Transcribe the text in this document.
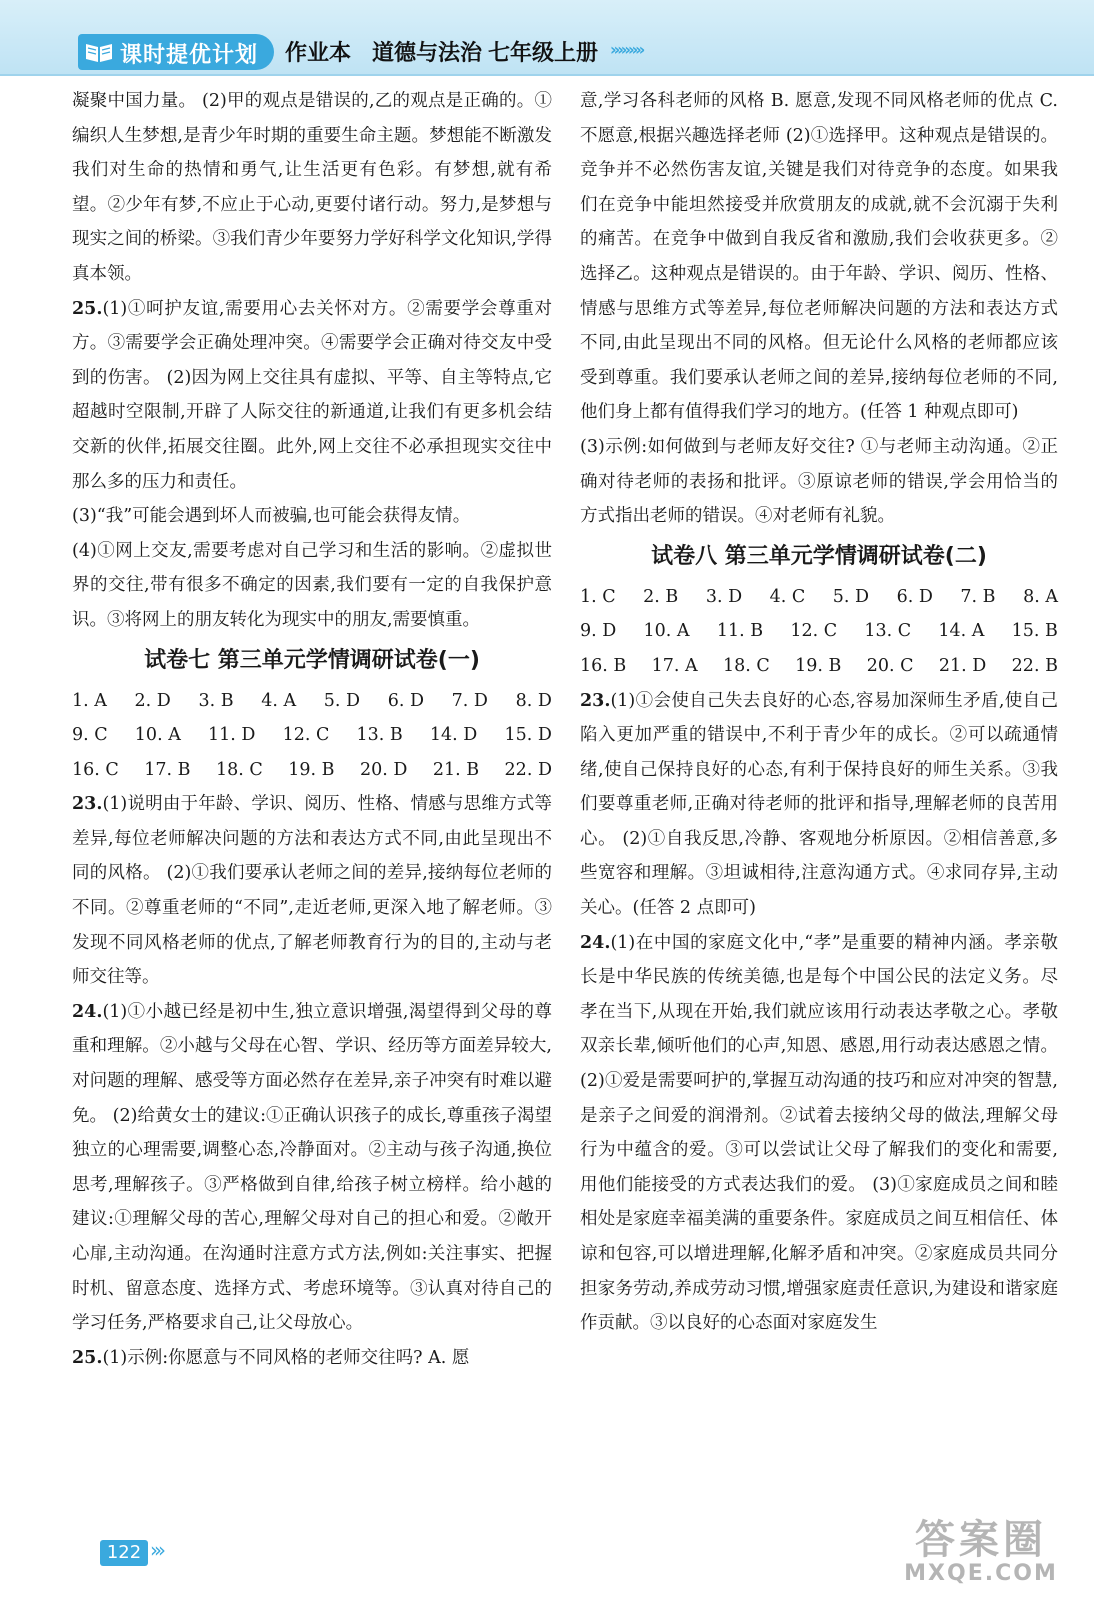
课时提优计划 作业本 道德与法治 七年级上册 ›››››››››

凝聚中国力量。 (2)甲的观点是错误的,乙的观点是正确的。①编织人生梦想,是青少年时期的重要生命主题。梦想能不断激发我们对生命的热情和勇气,让生活更有色彩。有梦想,就有希望。②少年有梦,不应止于心动,更要付诸行动。努力,是梦想与现实之间的桥梁。③我们青少年要努力学好科学文化知识,学得真本领。

25.(1)①呵护友谊,需要用心去关怀对方。②需要学会尊重对方。③需要学会正确处理冲突。④需要学会正确对待交友中受到的伤害。 (2)因为网上交往具有虚拟、平等、自主等特点,它超越时空限制,开辟了人际交往的新通道,让我们有更多机会结交新的伙伴,拓展交往圈。此外,网上交往不必承担现实交往中那么多的压力和责任。

(3)“我”可能会遇到坏人而被骗,也可能会获得友情。

(4)①网上交友,需要考虑对自己学习和生活的影响。②虚拟世界的交往,带有很多不确定的因素,我们要有一定的自我保护意识。③将网上的朋友转化为现实中的朋友,需要慎重。

试卷七 第三单元学情调研试卷(一)

1. A 2. D 3. B 4. A 5. D 6. D 7. D 8. D
9. C 10. A 11. D 12. C 13. B 14. D 15. D
16. C 17. B 18. C 19. B 20. D 21. B 22. D

23.(1)说明由于年龄、学识、阅历、性格、情感与思维方式等差异,每位老师解决问题的方法和表达方式不同,由此呈现出不同的风格。 (2)①我们要承认老师之间的差异,接纳每位老师的不同。②尊重老师的“不同”,走近老师,更深入地了解老师。③发现不同风格老师的优点,了解老师教育行为的目的,主动与老师交往等。

24.(1)①小越已经是初中生,独立意识增强,渴望得到父母的尊重和理解。②小越与父母在心智、学识、经历等方面差异较大,对问题的理解、感受等方面必然存在差异,亲子冲突有时难以避免。 (2)给黄女士的建议:①正确认识孩子的成长,尊重孩子渴望独立的心理需要,调整心态,冷静面对。②主动与孩子沟通,换位思考,理解孩子。③严格做到自律,给孩子树立榜样。给小越的建议:①理解父母的苦心,理解父母对自己的担心和爱。②敞开心扉,主动沟通。在沟通时注意方式方法,例如:关注事实、把握时机、留意态度、选择方式、考虑环境等。③认真对待自己的学习任务,严格要求自己,让父母放心。

25.(1)示例:你愿意与不同风格的老师交往吗? A. 愿

意,学习各科老师的风格 B. 愿意,发现不同风格老师的优点 C. 不愿意,根据兴趣选择老师 (2)①选择甲。这种观点是错误的。竞争并不必然伤害友谊,关键是我们对待竞争的态度。如果我们在竞争中能坦然接受并欣赏朋友的成就,就不会沉溺于失利的痛苦。在竞争中做到自我反省和激励,我们会收获更多。②选择乙。这种观点是错误的。由于年龄、学识、阅历、性格、情感与思维方式等差异,每位老师解决问题的方法和表达方式不同,由此呈现出不同的风格。但无论什么风格的老师都应该受到尊重。我们要承认老师之间的差异,接纳每位老师的不同,他们身上都有值得我们学习的地方。(任答 1 种观点即可)

(3)示例:如何做到与老师友好交往? ①与老师主动沟通。②正确对待老师的表扬和批评。③原谅老师的错误,学会用恰当的方式指出老师的错误。④对老师有礼貌。

试卷八 第三单元学情调研试卷(二)

1. C 2. B 3. D 4. C 5. D 6. D 7. B 8. A
9. D 10. A 11. B 12. C 13. C 14. A 15. B
16. B 17. A 18. C 19. B 20. C 21. D 22. B

23.(1)①会使自己失去良好的心态,容易加深师生矛盾,使自己陷入更加严重的错误中,不利于青少年的成长。②可以疏通情绪,使自己保持良好的心态,有利于保持良好的师生关系。③我们要尊重老师,正确对待老师的批评和指导,理解老师的良苦用心。 (2)①自我反思,冷静、客观地分析原因。②相信善意,多些宽容和理解。③坦诚相待,注意沟通方式。④求同存异,主动关心。(任答 2 点即可)

24.(1)在中国的家庭文化中,“孝”是重要的精神内涵。孝亲敬长是中华民族的传统美德,也是每个中国公民的法定义务。尽孝在当下,从现在开始,我们就应该用行动表达孝敬之心。孝敬双亲长辈,倾听他们的心声,知恩、感恩,用行动表达感恩之情。 (2)①爱是需要呵护的,掌握互动沟通的技巧和应对冲突的智慧,是亲子之间爱的润滑剂。②试着去接纳父母的做法,理解父母行为中蕴含的爱。③可以尝试让父母了解我们的变化和需要,用他们能接受的方式表达我们的爱。 (3)①家庭成员之间和睦相处是家庭幸福美满的重要条件。家庭成员之间互相信任、体谅和包容,可以增进理解,化解矛盾和冲突。②家庭成员共同分担家务劳动,养成劳动习惯,增强家庭责任意识,为建设和谐家庭作贡献。③以良好的心态面对家庭发生

122 ›››	答案圈
MXQE.COM
